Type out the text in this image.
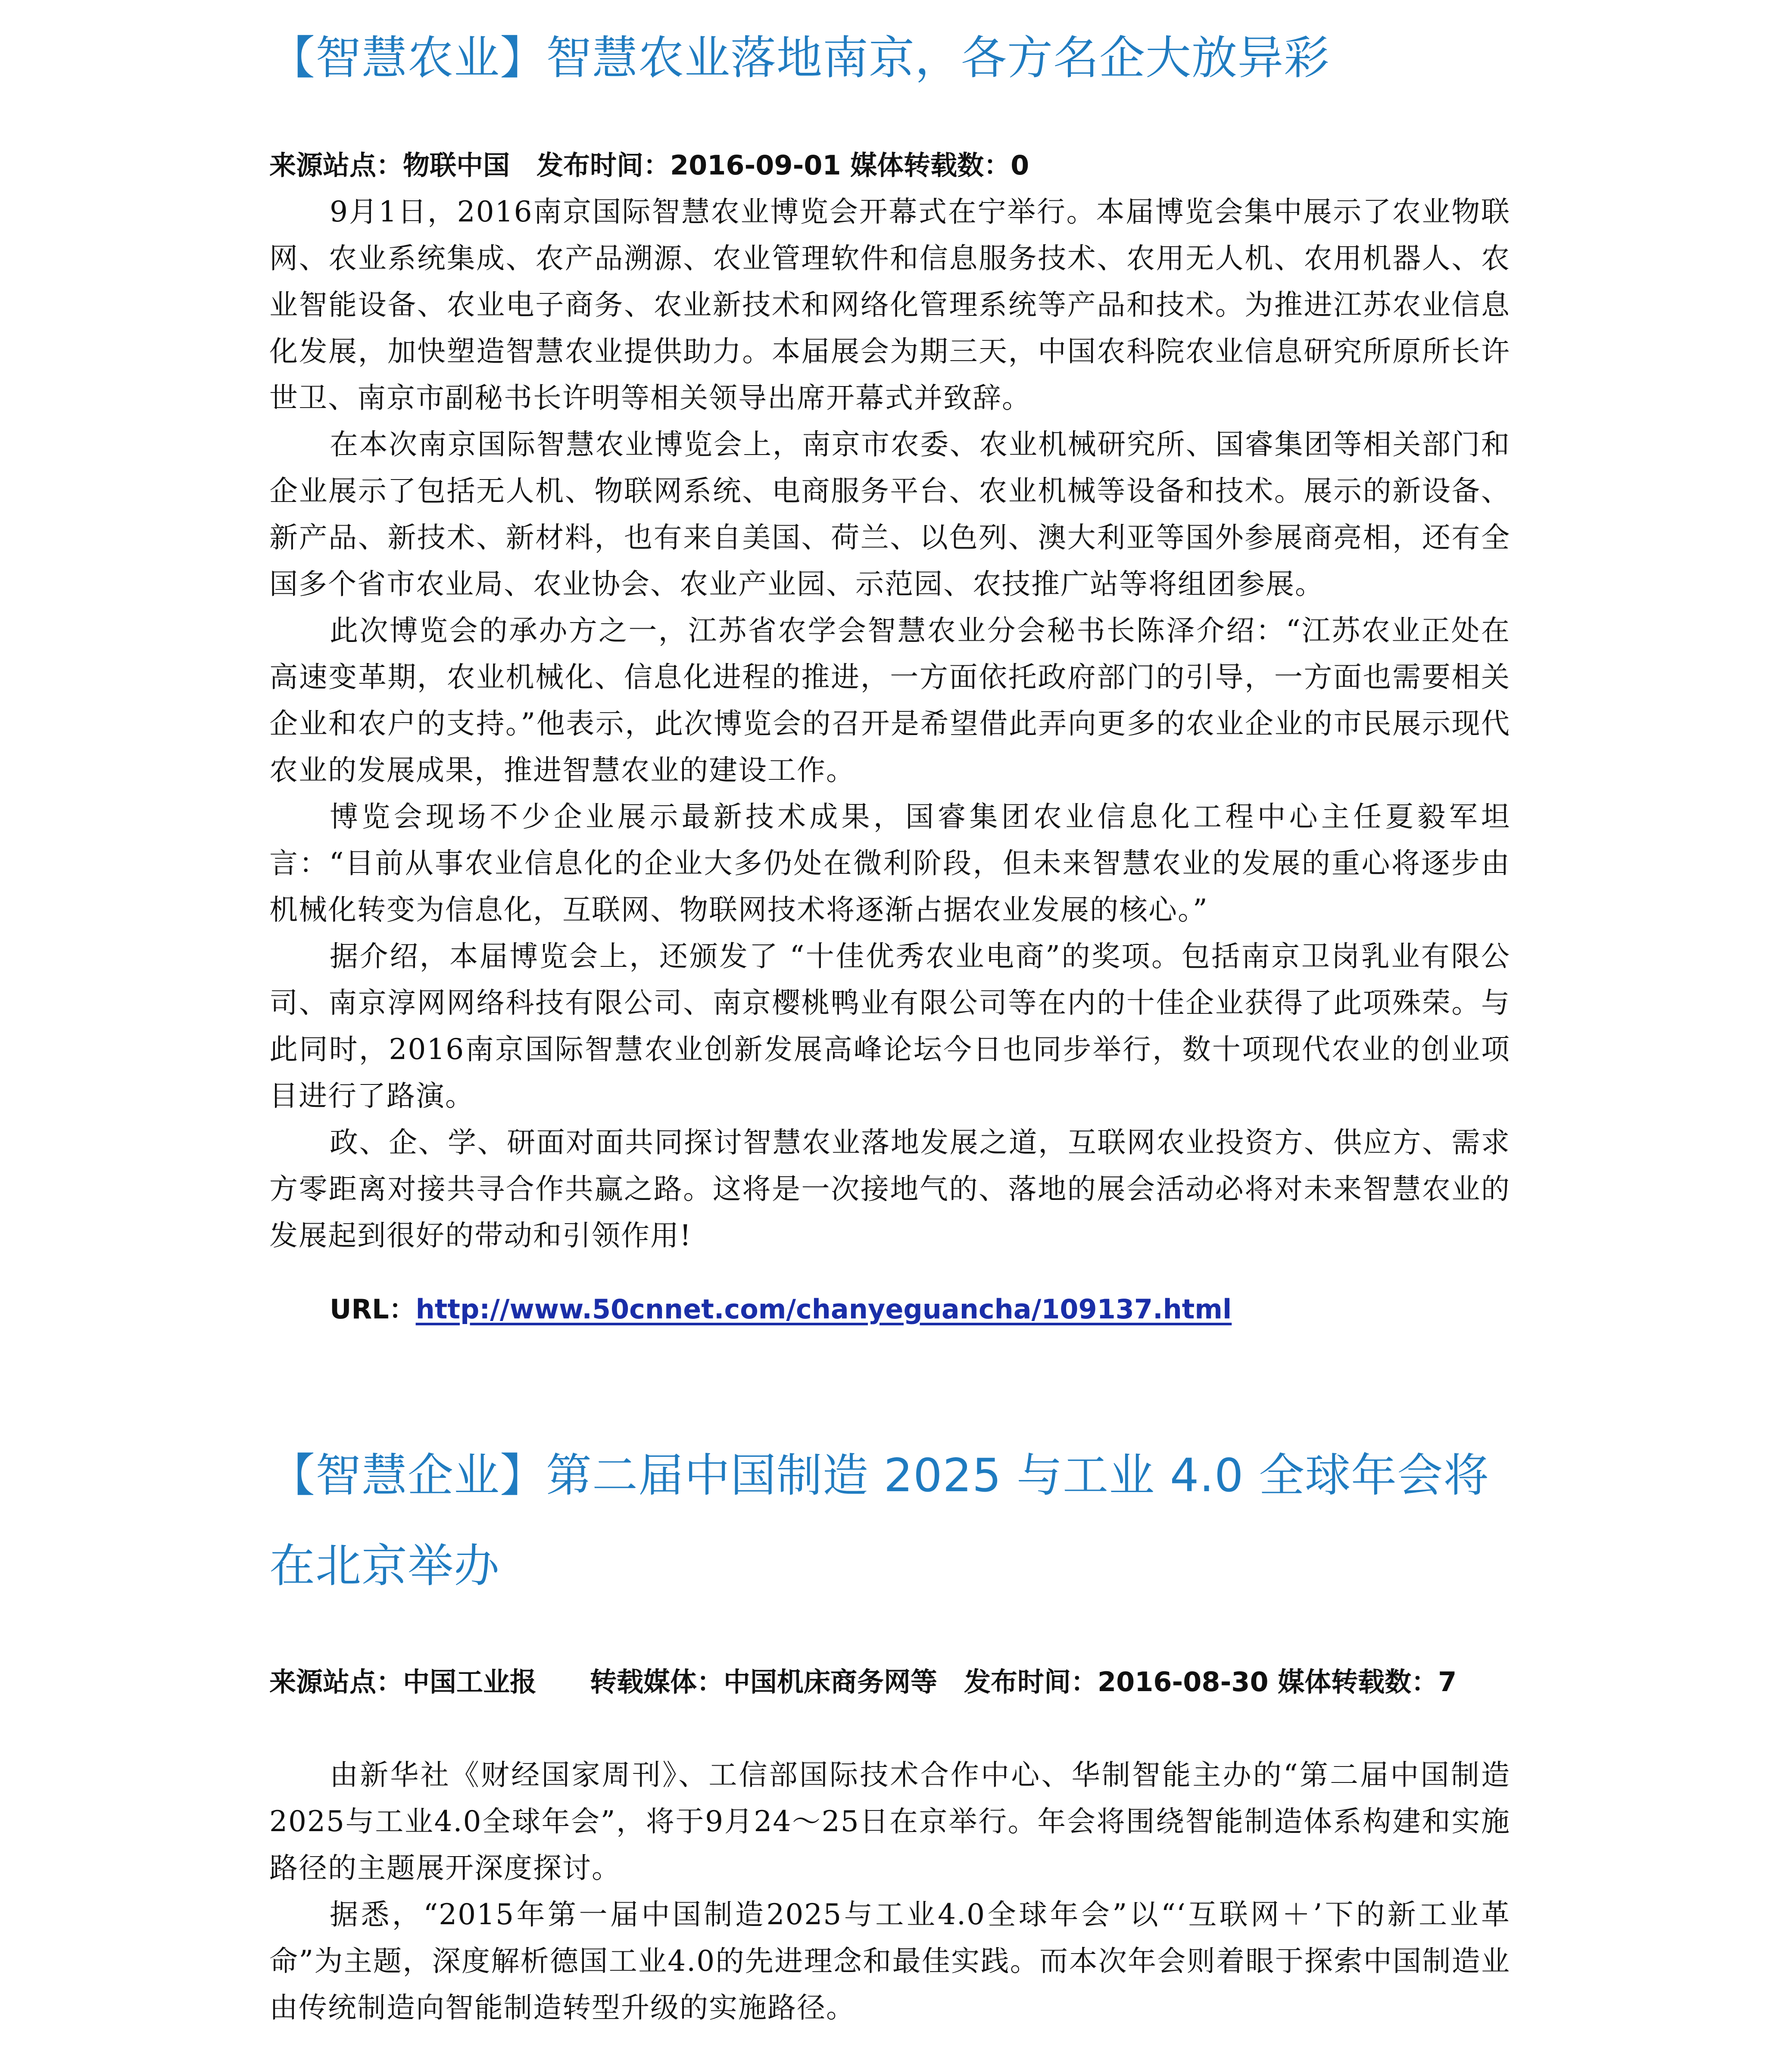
【智慧农业】智慧农业落地南京，各方名企大放异彩
来源站点：物联中国　发布时间：2016-09-01 媒体转载数：0

9月1日，2016南京国际智慧农业博览会开幕式在宁举行。本届博览会集中展示了农业物联网、农业系统集成、农产品溯源、农业管理软件和信息服务技术、农用无人机、农用机器人、农业智能设备、农业电子商务、农业新技术和网络化管理系统等产品和技术。为推进江苏农业信息化发展，加快塑造智慧农业提供助力。本届展会为期三天，中国农科院农业信息研究所原所长许世卫、南京市副秘书长许明等相关领导出席开幕式并致辞。

在本次南京国际智慧农业博览会上，南京市农委、农业机械研究所、国睿集团等相关部门和企业展示了包括无人机、物联网系统、电商服务平台、农业机械等设备和技术。展示的新设备、新产品、新技术、新材料，也有来自美国、荷兰、以色列、澳大利亚等国外参展商亮相，还有全国多个省市农业局、农业协会、农业产业园、示范园、农技推广站等将组团参展。

此次博览会的承办方之一，江苏省农学会智慧农业分会秘书长陈泽介绍：“江苏农业正处在高速变革期，农业机械化、信息化进程的推进，一方面依托政府部门的引导，一方面也需要相关企业和农户的支持。”他表示，此次博览会的召开是希望借此弄向更多的农业企业的市民展示现代农业的发展成果，推进智慧农业的建设工作。

博览会现场不少企业展示最新技术成果，国睿集团农业信息化工程中心主任夏毅军坦言：“目前从事农业信息化的企业大多仍处在微利阶段，但未来智慧农业的发展的重心将逐步由机械化转变为信息化，互联网、物联网技术将逐渐占据农业发展的核心。”

据介绍，本届博览会上，还颁发了 “十佳优秀农业电商”的奖项。包括南京卫岗乳业有限公司、南京淳网网络科技有限公司、南京樱桃鸭业有限公司等在内的十佳企业获得了此项殊荣。与此同时，2016南京国际智慧农业创新发展高峰论坛今日也同步举行，数十项现代农业的创业项目进行了路演。

政、企、学、研面对面共同探讨智慧农业落地发展之道，互联网农业投资方、供应方、需求方零距离对接共寻合作共赢之路。这将是一次接地气的、落地的展会活动必将对未来智慧农业的发展起到很好的带动和引领作用!

URL：http://www.50cnnet.com/chanyeguancha/109137.html
【智慧企业】第二届中国制造 2025 与工业 4.0 全球年会将在北京举办
来源站点：中国工业报　　转载媒体：中国机床商务网等　发布时间：2016-08-30 媒体转载数：7

由新华社《财经国家周刊》、工信部国际技术合作中心、华制智能主办的“第二届中国制造2025与工业4.0全球年会”，将于9月24～25日在京举行。年会将围绕智能制造体系构建和实施路径的主题展开深度探讨。

据悉，“2015年第一届中国制造2025与工业4.0全球年会”以“‘互联网＋’下的新工业革命”为主题，深度解析德国工业4.0的先进理念和最佳实践。而本次年会则着眼于探索中国制造业由传统制造向智能制造转型升级的实施路径。
